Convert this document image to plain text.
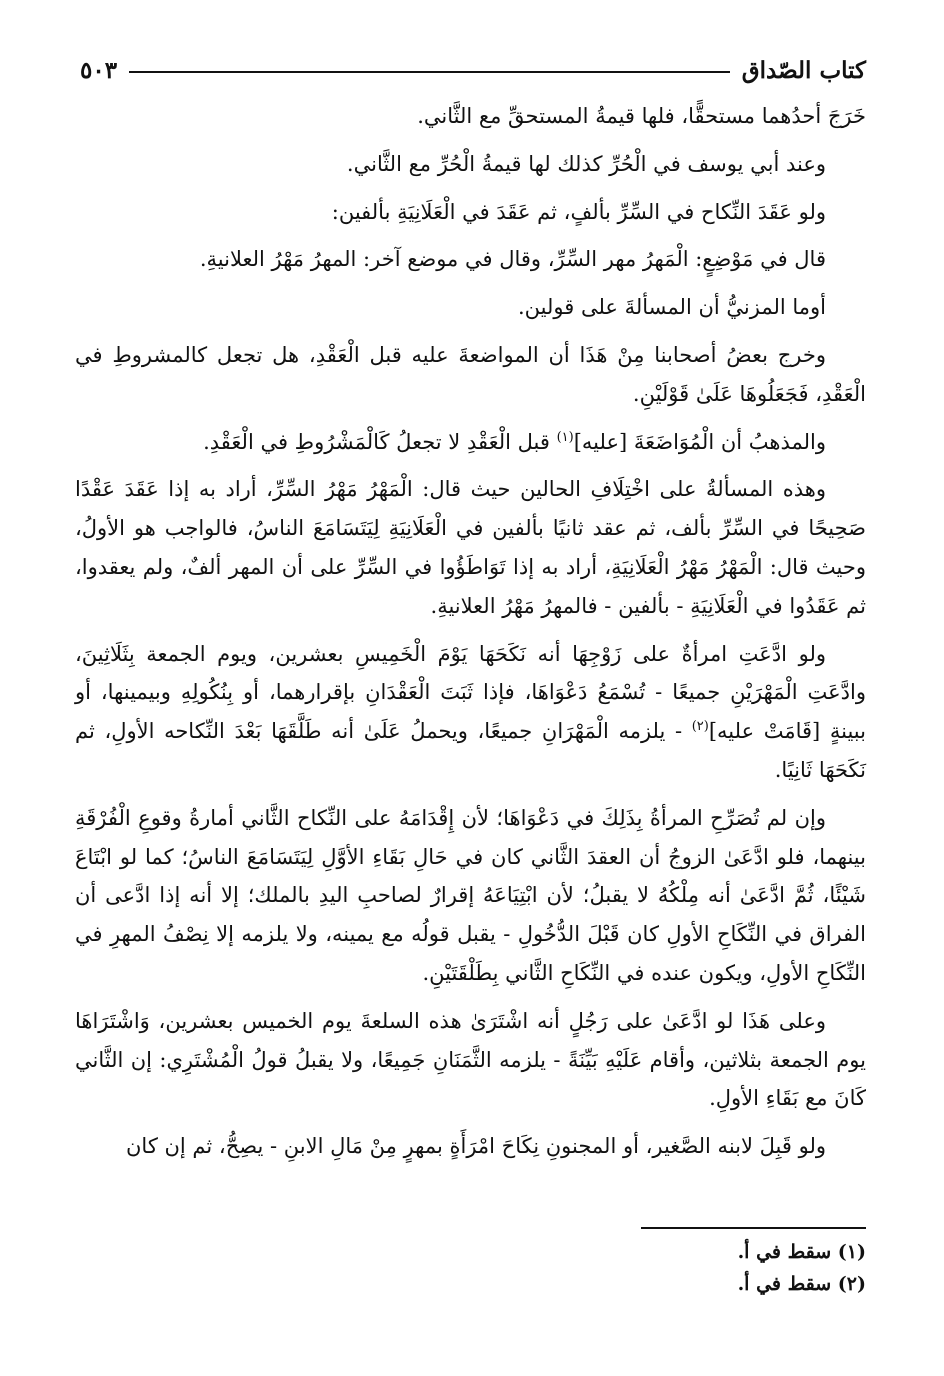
كتاب الصّداق
٥٠٣

خَرَجَ أحدُهما مستحقًّا، فلها قيمةُ المستحقِّ مع الثَّاني.

وعند أبي يوسف في الْحُرِّ كذلك لها قيمةُ الْحُرِّ مع الثَّاني.

ولو عَقَدَ النِّكاح في السِّرِّ بألفٍ، ثم عَقَدَ في الْعَلَانِيَةِ بألفين:

قال في مَوْضِعٍ: الْمَهرُ مهر السِّرِّ، وقال في موضع آخر: المهرُ مَهْرُ العلانيةِ.

أوما المزنيُّ أن المسألةَ على قولين.

وخرج بعضُ أصحابنا مِنْ هَذَا أن المواضعةَ عليه قبل الْعَقْدِ، هل تجعل كالمشروطِ في الْعَقْدِ، فَجَعَلُوهَا عَلَىٰ قَوْلَيْنِ.

والمذهبُ أن الْمُوَاضَعَةَ [عليه]$^{(١)}$ قبل الْعَقْدِ لا تجعلُ كَالْمَشْرُوطِ في الْعَقْدِ.

وهذه المسألةُ على اخْتِلَافِ الحالين حيث قال: الْمَهْرُ مَهْرُ السِّرِّ، أراد به إذا عَقَدَ عَقْدًا صَحِيحًا في السِّرِّ بألف، ثم عقد ثانيًا بألفين في الْعَلَانِيَةِ لِيَتَسَامَعَ الناسُ، فالواجب هو الأولُ، وحيث قال: الْمَهْرُ مَهْرُ الْعَلَانِيَةِ، أراد به إذا تَوَاطَؤُوا في السِّرِّ على أن المهر ألفٌ، ولم يعقدوا، ثم عَقَدُوا في الْعَلَانِيَةِ - بألفين - فالمهرُ مَهْرُ العلانيةِ.

ولو ادَّعَتِ امرأةٌ على زَوْجِهَا أنه نَكَحَهَا يَوْمَ الْخَمِيسِ بعشرين، ويوم الجمعة بِثَلَاثِينَ، وادَّعَتِ الْمَهْرَيْنِ جميعًا - تُسْمَعُ دَعْوَاهَا، فإذا ثَبَتَ الْعَقْدَانِ بإقرارهما، أو بِنُكُولِهِ وبيمينها، أو ببينةٍ [قَامَتْ عليه]$^{(٢)}$ - يلزمه الْمَهْرَانِ جميعًا، ويحملُ عَلَىٰ أنه طَلَّقَهَا بَعْدَ النِّكاحه الأولِ، ثم نَكَحَهَا ثَانِيًا.

وإن لم تُصَرِّحِ المرأةُ بِذَلِكَ في دَعْوَاهَا؛ لأن إِقْدَامَهُ على النِّكاح الثَّاني أمارةُ وقوعِ الْفُرْقَةِ بينهما، فلو ادَّعَىٰ الزوجُ أن العقدَ الثَّاني كان في حَالِ بَقَاءِ الأوَّلِ لِيَتَسَامَعَ الناسُ؛ كما لو ابْتَاعَ شَيْئًا، ثُمَّ ادَّعَىٰ أنه مِلْكُهُ لا يقبلُ؛ لأن ابْتِيَاعَهُ إقرارٌ لصاحبِ اليدِ بالملك؛ إلا أنه إذا ادَّعى أن الفراق في النِّكَاحِ الأولِ كان قَبْلَ الدُّخُولِ - يقبل قولُه مع يمينه، ولا يلزمه إلا نِصْفُ المهرِ في النِّكَاحِ الأولِ، ويكون عنده في النِّكَاحِ الثَّاني بِطَلْقَتَيْنِ.

وعلى هَذَا لو ادَّعَىٰ على رَجُلٍ أنه اشْتَرَىٰ هذه السلعةَ يوم الخميس بعشرين، وَاشْتَرَاهَا يوم الجمعة بثلاثين، وأقام عَلَيْهِ بَيِّنَةً - يلزمه الثَّمَنَانِ جَمِيعًا، ولا يقبلُ قولُ الْمُشْتَرِي: إن الثَّاني كَانَ مع بَقَاءِ الأولِ.

ولو قَبِلَ لابنه الصَّغير، أو المجنونِ نِكَاحَ امْرَأَةٍ بمهرٍ مِنْ مَالِ الابنِ - يصِحُّ، ثم إن كان

(١) سقط في أ.

(٢) سقط في أ.
